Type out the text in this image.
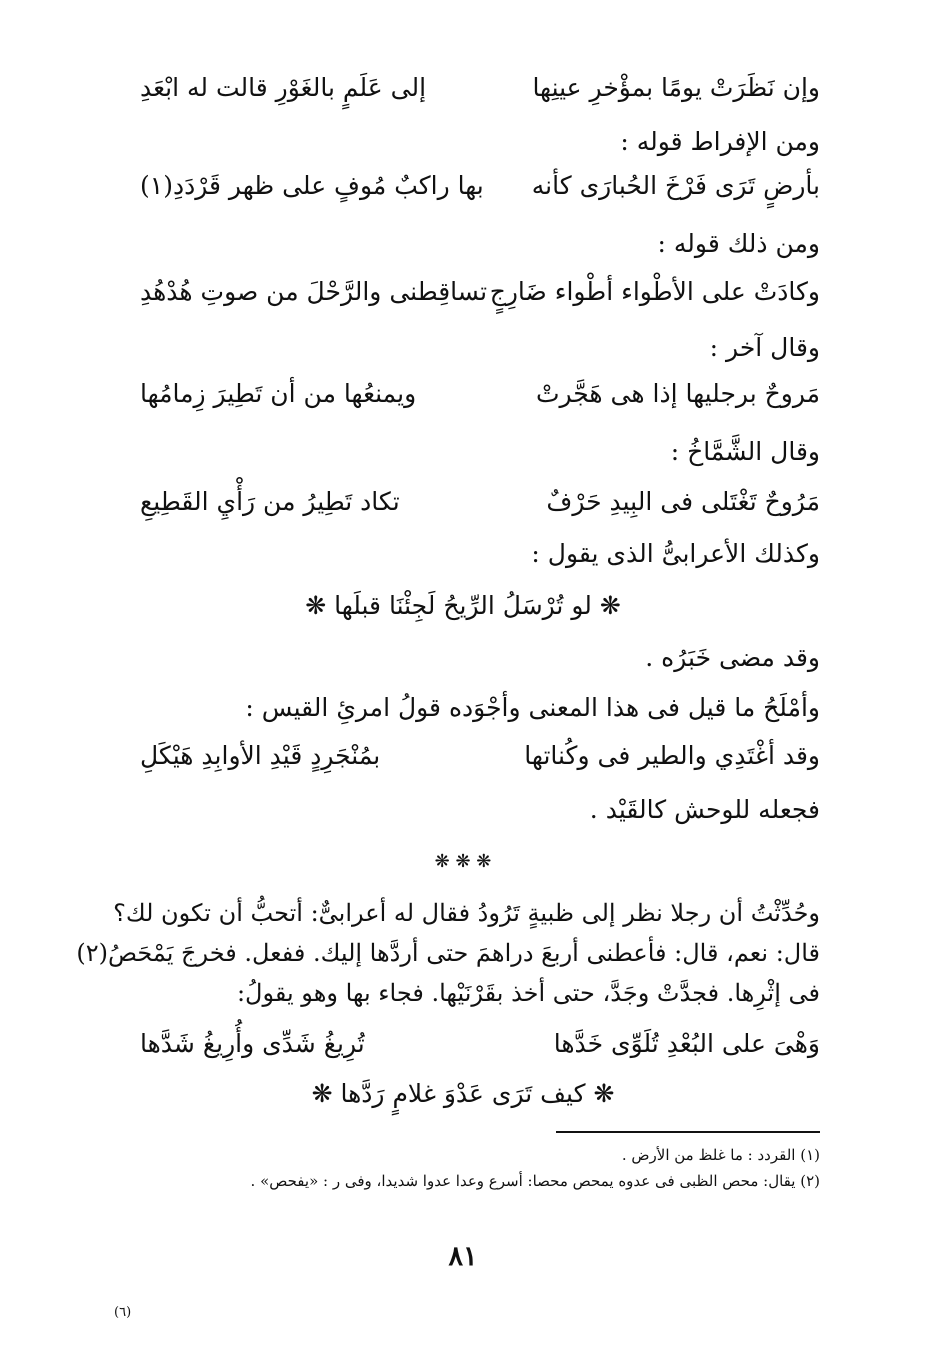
وإن نَظَرَتْ يومًا بمؤْخرِ عينِها
إلى عَلَمٍ بالغَوْرِ قالت له ابْعَدِ
ومن الإفراط قوله :
بأرضٍ تَرَى فَرْخَ الحُبارَى كأنه
بها راكبٌ مُوفٍ على ظهر قَرْدَدِ(١)
ومن ذلك قوله :
وكادَتْ على الأطْواء أطْواء ضَارِجٍ
تساقِطنى والرَّحْلَ من صوتِ هُدْهُدِ
وقال آخر :
مَروحٌ برجليها إذا هى هَجَّرتْ
ويمنعُها من أن تَطِيرَ زِمامُها
وقال الشَّمَّاخُ :
مَرُوحٌ تَغْتَلى فى البِيدِ حَرْفٌ
تكاد تَطِيرُ من رَأْيِ القَطِيعِ
وكذلك الأعرابىُّ الذى يقول :
❋ لو تُرْسَلُ الرِّيحُ لَجِئْنَا قبلَها ❋
وقد مضى خَبَرُه .
وأمْلَحُ ما قيل فى هذا المعنى وأجْوَده قولُ امرئِ القيس :
وقد أغْتَدِي والطير فى وكُناتها
بمُنْجَرِدٍ قَيْدِ الأوابِدِ هَيْكَلِ
فجعله للوحش كالقَيْد .
❋ ❋ ❋
وحُدِّثْتُ أن رجلا نظر إلى ظبيةٍ تَرُودُ فقال له أعرابىٌّ: أتحبُّ أن تكون لك؟
قال: نعم، قال: فأعطنى أربعَ دراهمَ حتى أردَّها إليك. ففعل. فخرجَ يَمْحَصُ(٢)
فى إثْرِها. فجدَّتْ وجَدَّ، حتى أخذ بقَرْنَيْها. فجاء بها وهو يقولُ:
وَهْىَ على البُعْدِ تُلَوِّى خَدَّها
تُرِيغُ شَدِّى وأُرِيغُ شَدَّها
❋ كيف تَرَى عَدْوَ غلامٍ رَدَّها ❋
(١) القردد : ما غلظ من الأرض .
(٢) يقال: محص الظبى فى عدوه يمحص محصا: أسرع وعدا عدوا شديدا، وفى ر : «يفحص» .
٨١
(٦)
